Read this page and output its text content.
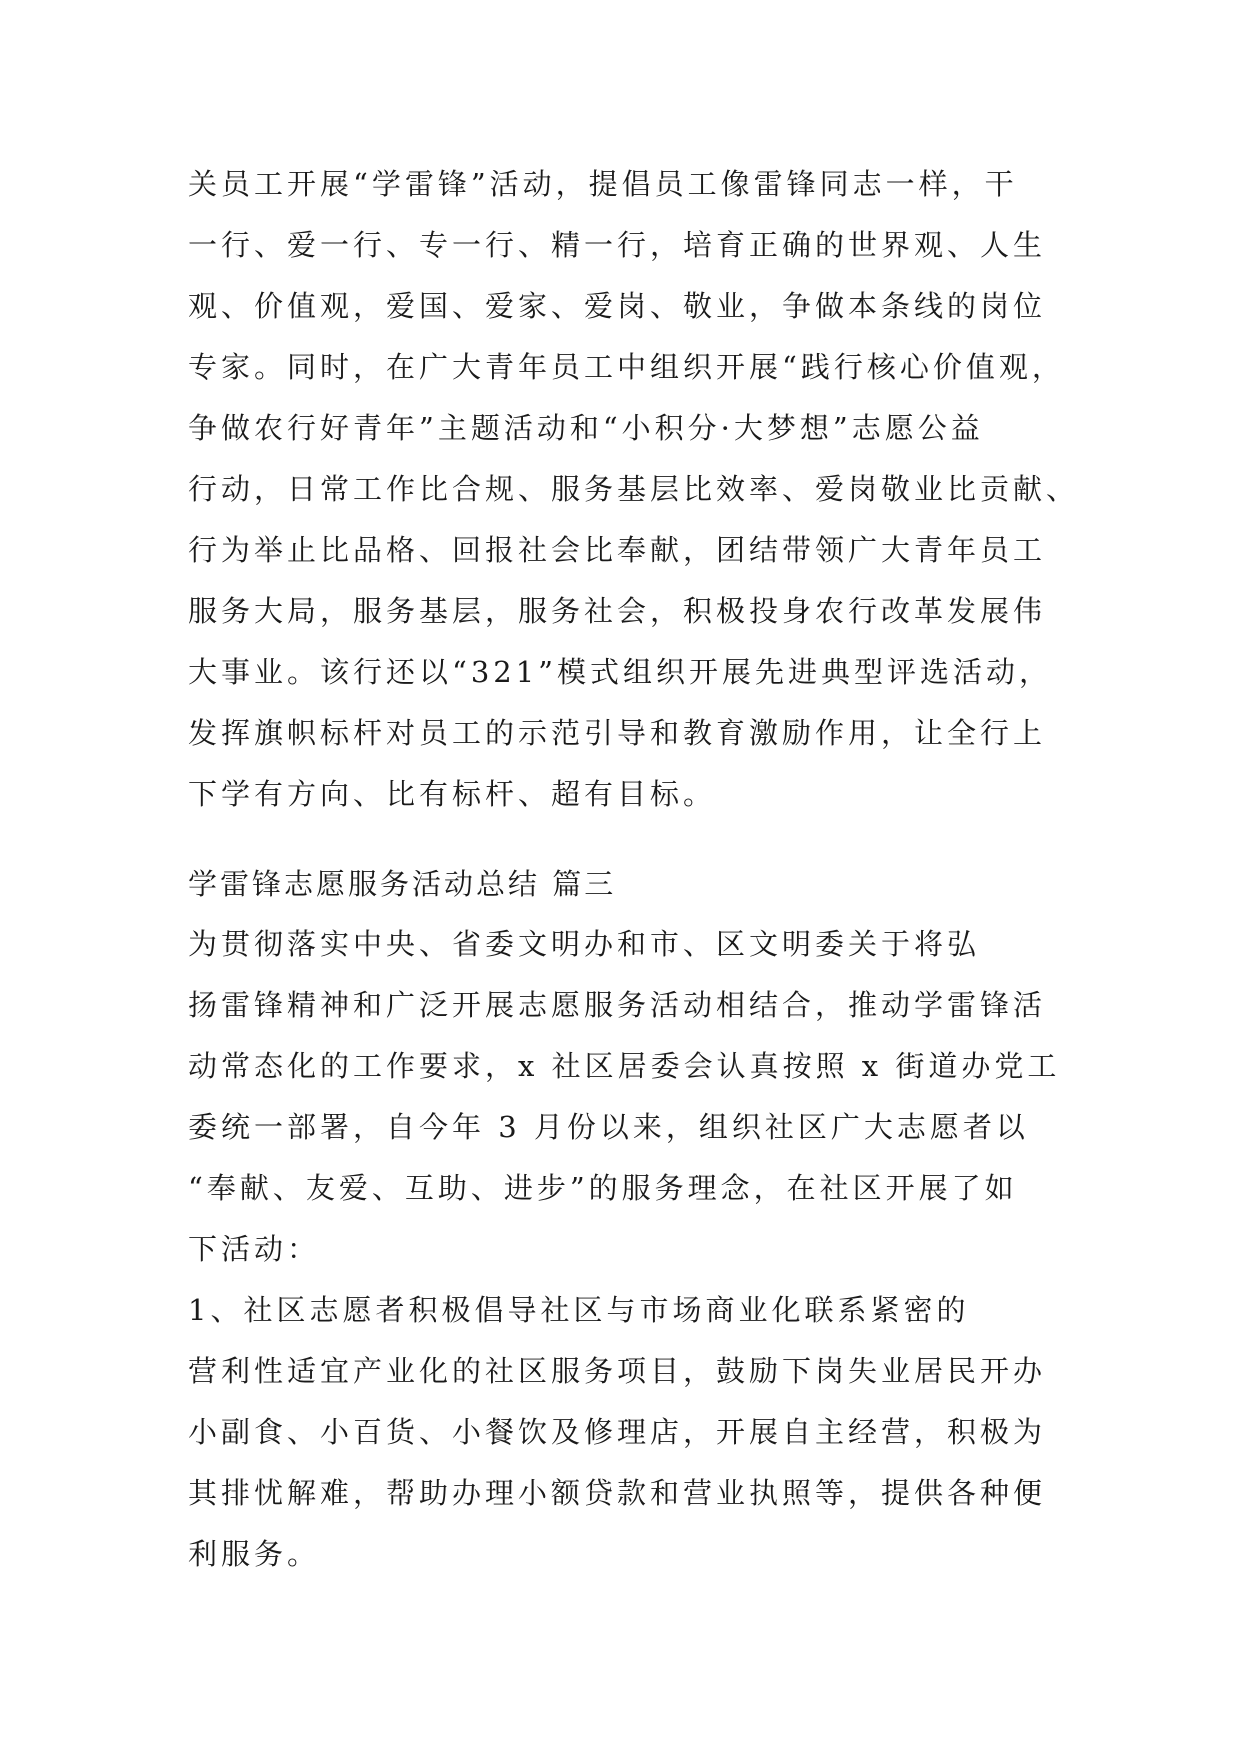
关员工开展“学雷锋”活动，提倡员工像雷锋同志一样，干
一行、爱一行、专一行、精一行，培育正确的世界观、人生
观、价值观，爱国、爱家、爱岗、敬业，争做本条线的岗位
专家。同时，在广大青年员工中组织开展“践行核心价值观，
争做农行好青年”主题活动和“小积分·大梦想”志愿公益
行动，日常工作比合规、服务基层比效率、爱岗敬业比贡献、
行为举止比品格、回报社会比奉献，团结带领广大青年员工
服务大局，服务基层，服务社会，积极投身农行改革发展伟
大事业。该行还以“321”模式组织开展先进典型评选活动，
发挥旗帜标杆对员工的示范引导和教育激励作用，让全行上
下学有方向、比有标杆、超有目标。
学雷锋志愿服务活动总结 篇三
为贯彻落实中央、省委文明办和市、区文明委关于将弘
扬雷锋精神和广泛开展志愿服务活动相结合，推动学雷锋活
动常态化的工作要求，x 社区居委会认真按照 x 街道办党工
委统一部署，自今年 3 月份以来，组织社区广大志愿者以
“奉献、友爱、互助、进步”的服务理念，在社区开展了如
下活动：
1、社区志愿者积极倡导社区与市场商业化联系紧密的
营利性适宜产业化的社区服务项目，鼓励下岗失业居民开办
小副食、小百货、小餐饮及修理店，开展自主经营，积极为
其排忧解难，帮助办理小额贷款和营业执照等，提供各种便
利服务。
